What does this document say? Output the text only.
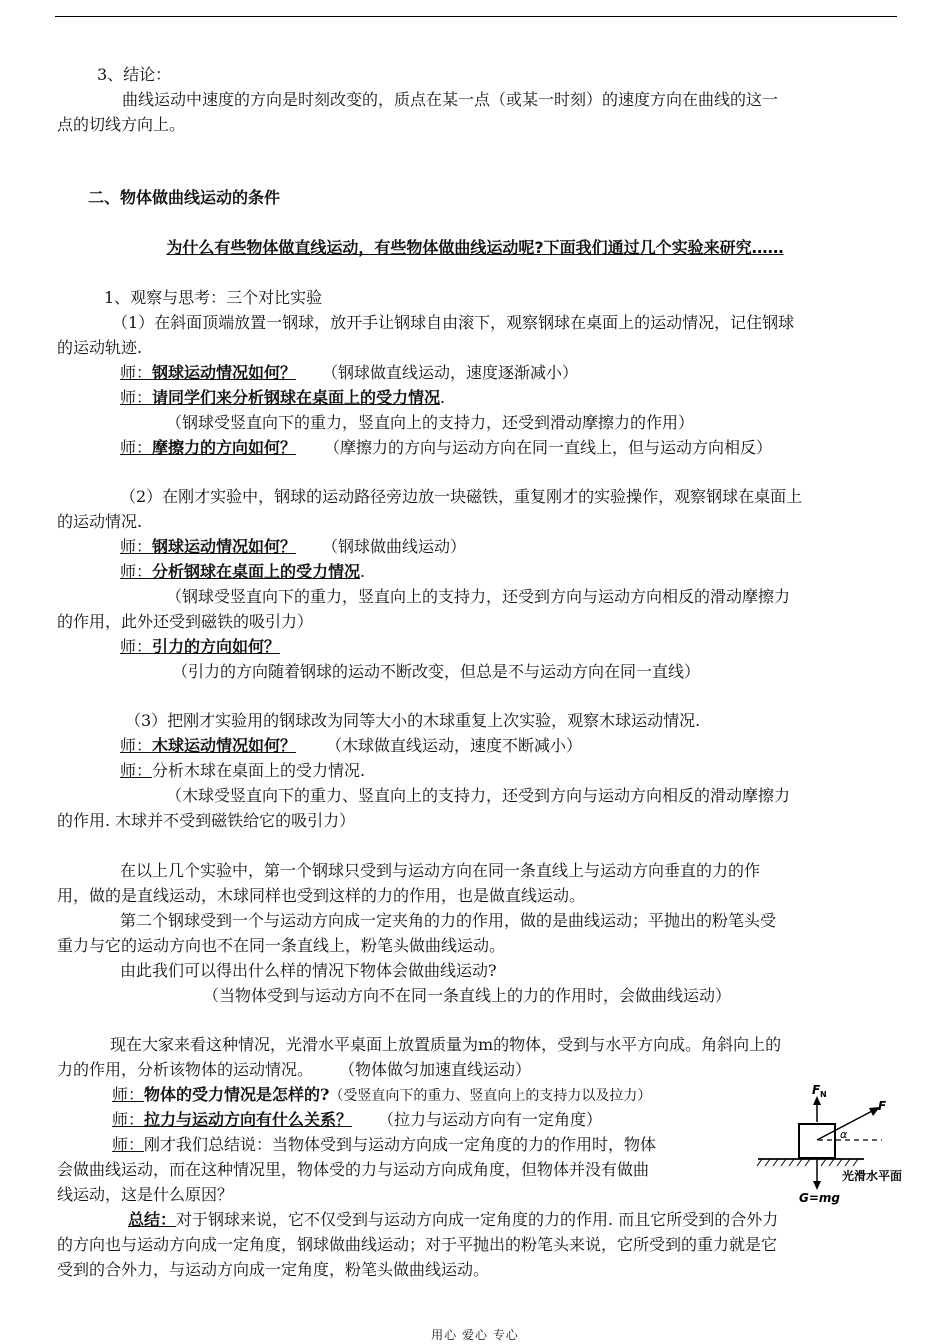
3、结论：
曲线运动中速度的方向是时刻改变的，质点在某一点（或某一时刻）的速度方向在曲线的这一
点的切线方向上。
二、物体做曲线运动的条件
为什么有些物体做直线运动，有些物体做曲线运动呢?下面我们通过几个实验来研究……
1、观察与思考：三个对比实验
（1）在斜面顶端放置一钢球，放开手让钢球自由滚下，观察钢球在桌面上的运动情况，记住钢球
的运动轨迹.
师：钢球运动情况如何？ （钢球做直线运动，速度逐渐减小）
师：请同学们来分析钢球在桌面上的受力情况.
（钢球受竖直向下的重力，竖直向上的支持力，还受到滑动摩擦力的作用）
师：摩擦力的方向如何？ （摩擦力的方向与运动方向在同一直线上，但与运动方向相反）
（2）在刚才实验中，钢球的运动路径旁边放一块磁铁，重复刚才的实验操作，观察钢球在桌面上
的运动情况.
师：钢球运动情况如何？ （钢球做曲线运动）
师：分析钢球在桌面上的受力情况.
（钢球受竖直向下的重力，竖直向上的支持力，还受到方向与运动方向相反的滑动摩擦力
的作用，此外还受到磁铁的吸引力）
师：引力的方向如何？
（引力的方向随着钢球的运动不断改变，但总是不与运动方向在同一直线）
（3）把刚才实验用的钢球改为同等大小的木球重复上次实验，观察木球运动情况.
师：木球运动情况如何？ （木球做直线运动，速度不断减小）
师：分析木球在桌面上的受力情况.
（木球受竖直向下的重力、竖直向上的支持力，还受到方向与运动方向相反的滑动摩擦力
的作用. 木球并不受到磁铁给它的吸引力）
在以上几个实验中，第一个钢球只受到与运动方向在同一条直线上与运动方向垂直的力的作
用，做的是直线运动，木球同样也受到这样的力的作用，也是做直线运动。
第二个钢球受到一个与运动方向成一定夹角的力的作用，做的是曲线运动；平抛出的粉笔头受
重力与它的运动方向也不在同一条直线上，粉笔头做曲线运动。
由此我们可以得出什么样的情况下物体会做曲线运动?
（当物体受到与运动方向不在同一条直线上的力的作用时，会做曲线运动）
现在大家来看这种情况，光滑水平桌面上放置质量为m的物体，受到与水平方向成。角斜向上的
力的作用，分析该物体的运动情况。 （物体做匀加速直线运动）
师：物体的受力情况是怎样的?（受竖直向下的重力、竖直向上的支持力以及拉力）
师：拉力与运动方向有什么关系？ （拉力与运动方向有一定角度）
师：刚才我们总结说：当物体受到与运动方向成一定角度的力的作用时，物体
会做曲线运动，而在这种情况里，物体受的力与运动方向成角度，但物体并没有做曲
线运动，这是什么原因？
总结：对于钢球来说，它不仅受到与运动方向成一定角度的力的作用. 而且它所受到的合外力
的方向也与运动方向成一定角度，钢球做曲线运动；对于平抛出的粉笔头来说，它所受到的重力就是它
受到的合外力，与运动方向成一定角度，粉笔头做曲线运动。
F N
F
α
光滑水平面
G=mg
用心 爱心 专心
